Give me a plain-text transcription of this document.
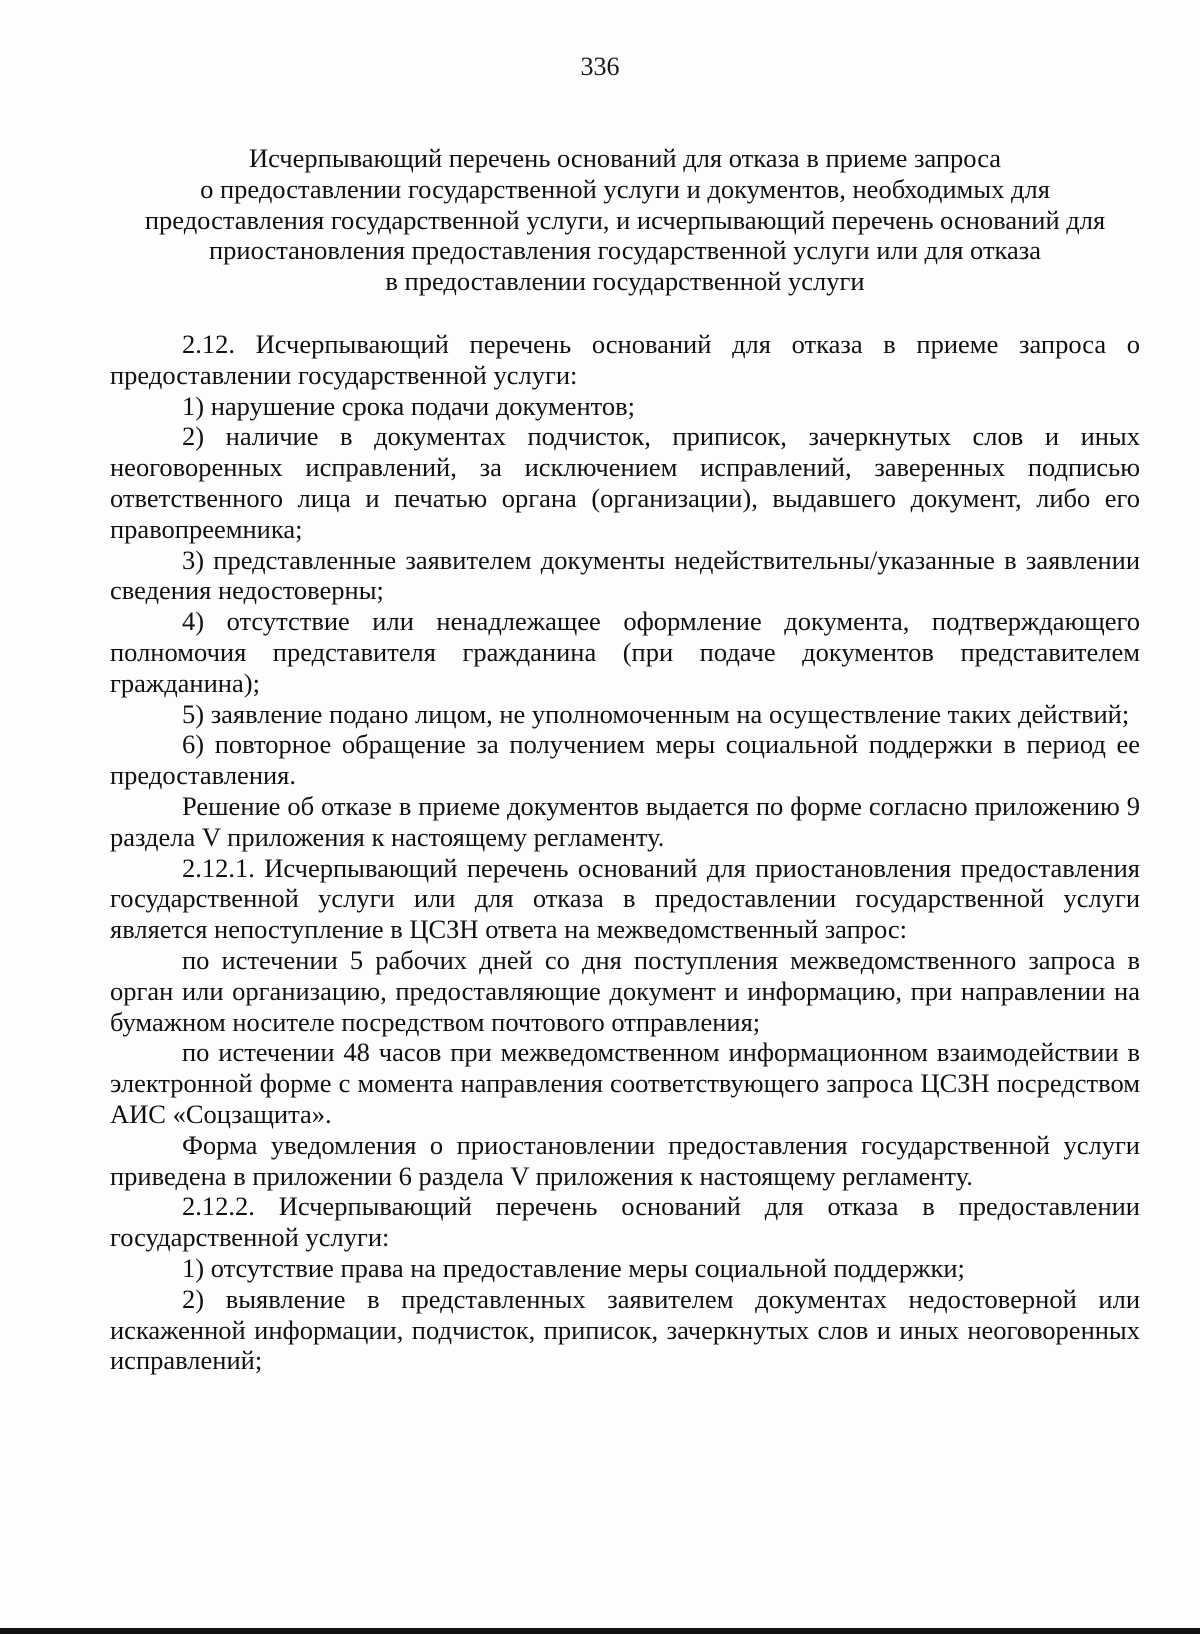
336
Исчерпывающий перечень оснований для отказа в приеме запроса
о предоставлении государственной услуги и документов, необходимых для
предоставления государственной услуги, и исчерпывающий перечень оснований для
приостановления предоставления государственной услуги или для отказа
в предоставлении государственной услуги

2.12. Исчерпывающий перечень оснований для отказа в приеме запроса о предоставлении государственной услуги:

1) нарушение срока подачи документов;

2) наличие в документах подчисток, приписок, зачеркнутых слов и иных неоговоренных исправлений, за исключением исправлений, заверенных подписью ответственного лица и печатью органа (организации), выдавшего документ, либо его правопреемника;

3) представленные заявителем документы недействительны/указанные в заявлении сведения недостоверны;

4) отсутствие или ненадлежащее оформление документа, подтверждающего полномочия представителя гражданина (при подаче документов представителем гражданина);

5) заявление подано лицом, не уполномоченным на осуществление таких действий;

6) повторное обращение за получением меры социальной поддержки в период ее предоставления.

Решение об отказе в приеме документов выдается по форме согласно приложению 9 раздела V приложения к настоящему регламенту.

2.12.1. Исчерпывающий перечень оснований для приостановления предоставления государственной услуги или для отказа в предоставлении государственной услуги является непоступление в ЦСЗН ответа на межведомственный запрос:

по истечении 5 рабочих дней со дня поступления межведомственного запроса в орган или организацию, предоставляющие документ и информацию, при направлении на бумажном носителе посредством почтового отправления;

по истечении 48 часов при межведомственном информационном взаимодействии в электронной форме с момента направления соответствующего запроса ЦСЗН посредством АИС «Соцзащита».

Форма уведомления о приостановлении предоставления государственной услуги приведена в приложении 6 раздела V приложения к настоящему регламенту.

2.12.2. Исчерпывающий перечень оснований для отказа в предоставлении государственной услуги:

1) отсутствие права на предоставление меры социальной поддержки;

2) выявление в представленных заявителем документах недостоверной или искаженной информации, подчисток, приписок, зачеркнутых слов и иных неоговоренных исправлений;
